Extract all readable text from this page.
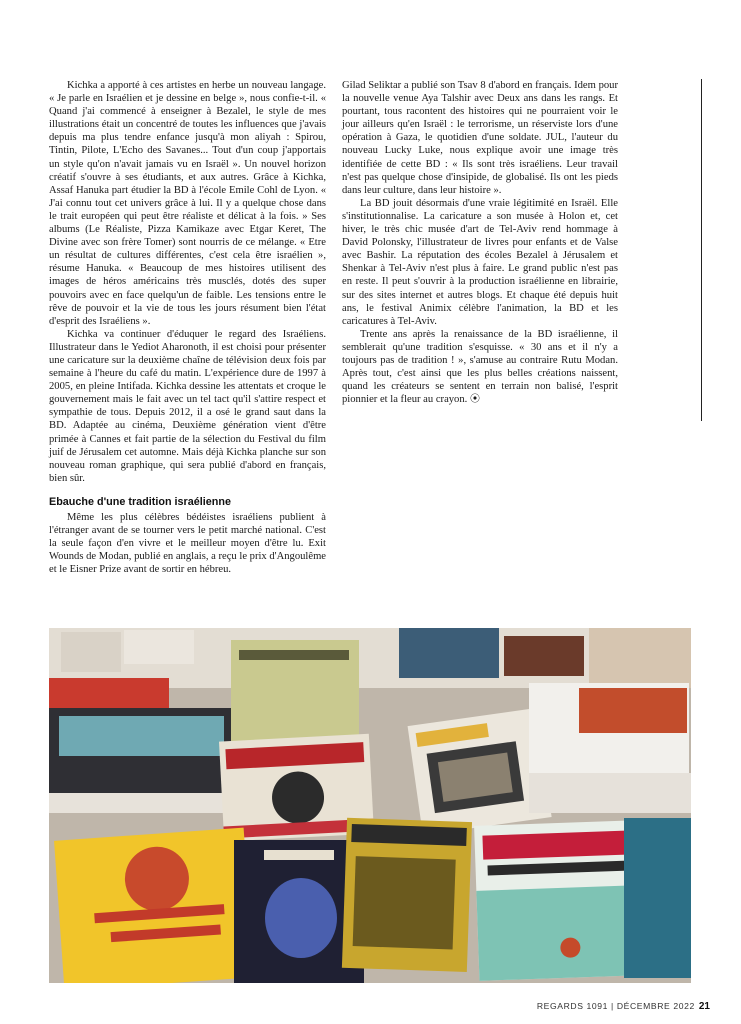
Kichka a apporté à ces artistes en herbe un nouveau langage. « Je parle en Israélien et je dessine en belge », nous confie-t-il. « Quand j'ai commencé à enseigner à Bezalel, le style de mes illustrations était un concentré de toutes les influences que j'avais depuis ma plus tendre enfance jusqu'à mon aliyah : Spirou, Tintin, Pilote, L'Echo des Savanes... Tout d'un coup j'apportais un style qu'on n'avait jamais vu en Israël ». Un nouvel horizon créatif s'ouvre à ses étudiants, et aux autres. Grâce à Kichka, Assaf Hanuka part étudier la BD à l'école Emile Cohl de Lyon. « J'ai connu tout cet univers grâce à lui. Il y a quelque chose dans le trait européen qui peut être réaliste et délicat à la fois. » Ses albums (Le Réaliste, Pizza Kamikaze avec Etgar Keret, The Divine avec son frère Tomer) sont nourris de ce mélange. « Etre un résultat de cultures différentes, c'est cela être israélien », résume Hanuka. « Beaucoup de mes histoires utilisent des images de héros américains très musclés, dotés des super pouvoirs avec en face quelqu'un de faible. Les tensions entre le rêve de pouvoir et la vie de tous les jours résument bien l'état d'esprit des Israéliens ».

Kichka va continuer d'éduquer le regard des Israéliens. Illustrateur dans le Yediot Aharonoth, il est choisi pour présenter une caricature sur la deuxième chaîne de télévision deux fois par semaine à l'heure du café du matin. L'expérience dure de 1997 à 2005, en pleine Intifada. Kichka dessine les attentats et croque le gouvernement mais le fait avec un tel tact qu'il s'attire respect et sympathie de tous. Depuis 2012, il a osé le grand saut dans la BD. Adaptée au cinéma, Deuxième génération vient d'être primée à Cannes et fait partie de la sélection du Festival du film juif de Jérusalem cet automne. Mais déjà Kichka planche sur son nouveau roman graphique, qui sera publié d'abord en français, bien sûr.

Ebauche d'une tradition israélienne

Même les plus célèbres bédéistes israéliens publient à l'étranger avant de se tourner vers le petit marché national. C'est la seule façon d'en vivre et le meilleur moyen d'être lu. Exit Wounds de Modan, publié en anglais, a reçu le prix d'Angoulême et le Eisner Prize avant de sortir en hébreu.

Gilad Seliktar a publié son Tsav 8 d'abord en français. Idem pour la nouvelle venue Aya Talshir avec Deux ans dans les rangs. Et pourtant, tous racontent des histoires qui ne pourraient voir le jour ailleurs qu'en Israël : le terrorisme, un réserviste lors d'une opération à Gaza, le quotidien d'une soldate. JUL, l'auteur du nouveau Lucky Luke, nous explique avoir une image très identifiée de cette BD : « Ils sont très israéliens. Leur travail n'est pas quelque chose d'insipide, de globalisé. Ils ont les pieds dans leur culture, dans leur histoire ».

La BD jouit désormais d'une vraie légitimité en Israël. Elle s'institutionnalise. La caricature a son musée à Holon et, cet hiver, le très chic musée d'art de Tel-Aviv rend hommage à David Polonsky, l'illustrateur de livres pour enfants et de Valse avec Bashir. La réputation des écoles Bezalel à Jérusalem et Shenkar à Tel-Aviv n'est plus à faire. Le grand public n'est pas en reste. Il peut s'ouvrir à la production israélienne en librairie, sur des sites internet et autres blogs. Et chaque été depuis huit ans, le festival Animix célèbre l'animation, la BD et les caricatures à Tel-Aviv.

Trente ans après la renaissance de la BD israélienne, il semblerait qu'une tradition s'esquisse. « 30 ans et il n'y a toujours pas de tradition ! », s'amuse au contraire Rutu Modan. Après tout, c'est ainsi que les plus belles créations naissent, quand les créateurs se sentent en terrain non balisé, l'esprit pionnier et la fleur au crayon. ⦿

REGARDS 1091 | DÉCEMBRE 2022 21
